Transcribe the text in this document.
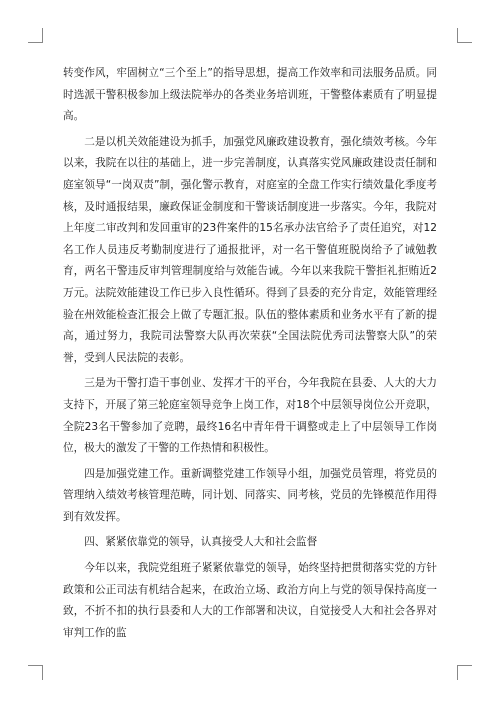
转变作风，牢固树立“三个至上”的指导思想，提高工作效率和司法服务品质。同时选派干警积极参加上级法院举办的各类业务培训班，干警整体素质有了明显提高。

二是以机关效能建设为抓手，加强党风廉政建设教育，强化绩效考核。今年以来，我院在以往的基础上，进一步完善制度，认真落实党风廉政建设责任制和庭室领导“一岗双责”制，强化警示教育，对庭室的全盘工作实行绩效量化季度考核，及时通报结果，廉政保证金制度和干警谈话制度进一步落实。今年，我院对上年度二审改判和发回重审的23件案件的15名承办法官给予了责任追究，对12名工作人员违反考勤制度进行了通报批评，对一名干警值班脱岗给予了诫勉教育，两名干警违反审判管理制度给与效能告诫。今年以来我院干警拒礼拒贿近2万元。法院效能建设工作已步入良性循环。得到了县委的充分肯定，效能管理经验在州效能检查汇报会上做了专题汇报。队伍的整体素质和业务水平有了新的提高，通过努力，我院司法警察大队再次荣获“全国法院优秀司法警察大队”的荣誉，受到人民法院的表彰。

三是为干警打造干事创业、发挥才干的平台，今年我院在县委、人大的大力支持下，开展了第三轮庭室领导竞争上岗工作，对18个中层领导岗位公开竞职，全院23名干警参加了竞聘，最终16名中青年骨干调整或走上了中层领导工作岗位，极大的激发了干警的工作热情和积极性。

四是加强党建工作。重新调整党建工作领导小组，加强党员管理，将党员的管理纳入绩效考核管理范畴，同计划、同落实、同考核，党员的先锋模范作用得到有效发挥。

四、紧紧依靠党的领导，认真接受人大和社会监督

今年以来，我院党组班子紧紧依靠党的领导，始终坚持把贯彻落实党的方针政策和公正司法有机结合起来，在政治立场、政治方向上与党的领导保持高度一致，不折不扣的执行县委和人大的工作部署和决议，自觉接受人大和社会各界对审判工作的监
